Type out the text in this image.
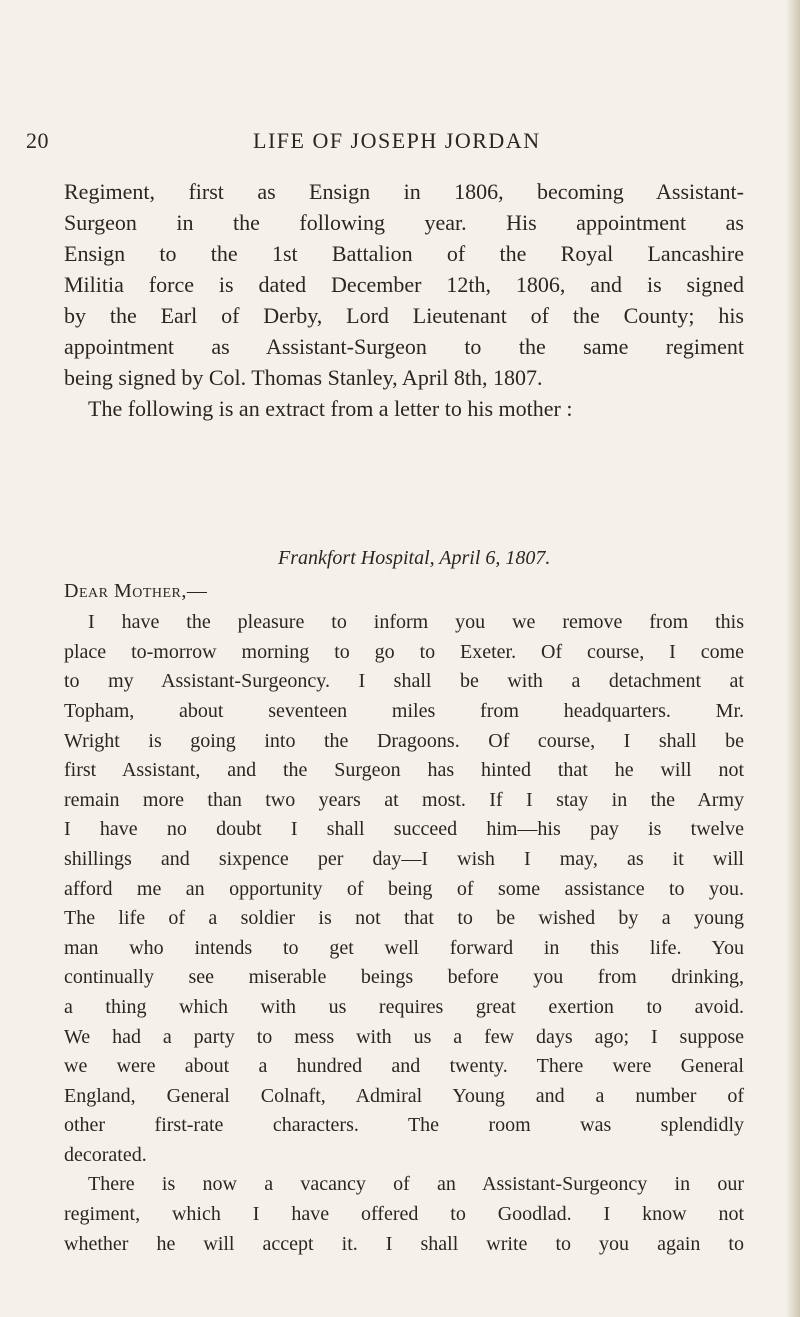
20	LIFE OF JOSEPH JORDAN
Regiment, first as Ensign in 1806, becoming Assistant-
Surgeon in the following year. His appointment as
Ensign to the 1st Battalion of the Royal Lancashire
Militia force is dated December 12th, 1806, and is signed
by the Earl of Derby, Lord Lieutenant of the County; his
appointment as Assistant-Surgeon to the same regiment
being signed by Col. Thomas Stanley, April 8th, 1807.
The following is an extract from a letter to his mother :
Frankfort Hospital, April 6, 1807.
Dear Mother,—
I have the pleasure to inform you we remove from this
place to-morrow morning to go to Exeter. Of course, I come
to my Assistant-Surgeoncy. I shall be with a detachment at
Topham, about seventeen miles from headquarters. Mr.
Wright is going into the Dragoons. Of course, I shall be
first Assistant, and the Surgeon has hinted that he will not
remain more than two years at most. If I stay in the Army
I have no doubt I shall succeed him—his pay is twelve
shillings and sixpence per day—I wish I may, as it will
afford me an opportunity of being of some assistance to you.
The life of a soldier is not that to be wished by a young
man who intends to get well forward in this life. You
continually see miserable beings before you from drinking,
a thing which with us requires great exertion to avoid.
We had a party to mess with us a few days ago; I suppose
we were about a hundred and twenty. There were General
England, General Colnaft, Admiral Young and a number of
other first-rate characters. The room was splendidly
decorated.
There is now a vacancy of an Assistant-Surgeoncy in our
regiment, which I have offered to Goodlad. I know not
whether he will accept it. I shall write to you again to
